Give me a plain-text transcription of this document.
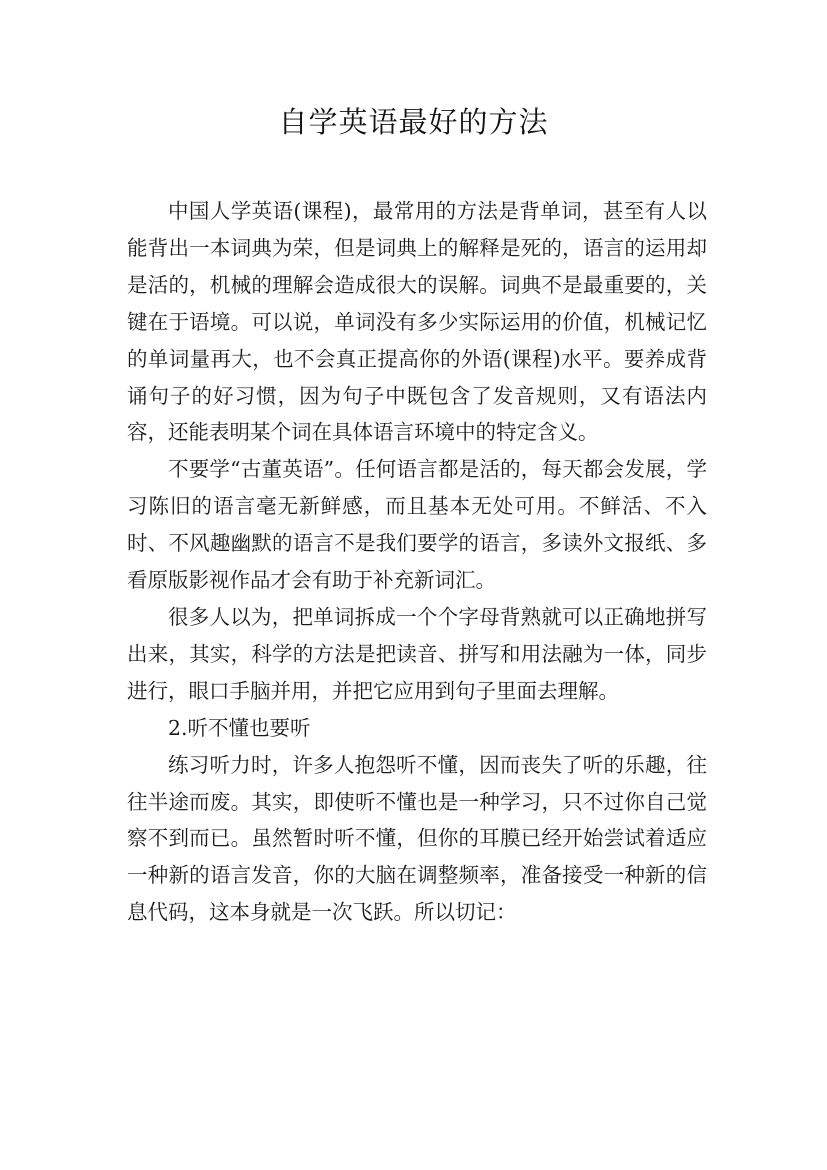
自学英语最好的方法

中国人学英语(课程)，最常用的方法是背单词，甚至有人以能背出一本词典为荣，但是词典上的解释是死的，语言的运用却是活的，机械的理解会造成很大的误解。词典不是最重要的，关键在于语境。可以说，单词没有多少实际运用的价值，机械记忆的单词量再大，也不会真正提高你的外语(课程)水平。要养成背诵句子的好习惯，因为句子中既包含了发音规则，又有语法内容，还能表明某个词在具体语言环境中的特定含义。

不要学“古董英语”。任何语言都是活的，每天都会发展，学习陈旧的语言毫无新鲜感，而且基本无处可用。不鲜活、不入时、不风趣幽默的语言不是我们要学的语言，多读外文报纸、多看原版影视作品才会有助于补充新词汇。

很多人以为，把单词拆成一个个字母背熟就可以正确地拼写出来，其实，科学的方法是把读音、拼写和用法融为一体，同步进行，眼口手脑并用，并把它应用到句子里面去理解。

2.听不懂也要听

练习听力时，许多人抱怨听不懂，因而丧失了听的乐趣，往往半途而废。其实，即使听不懂也是一种学习，只不过你自己觉察不到而已。虽然暂时听不懂，但你的耳膜已经开始尝试着适应一种新的语言发音，你的大脑在调整频率，准备接受一种新的信息代码，这本身就是一次飞跃。所以切记：
